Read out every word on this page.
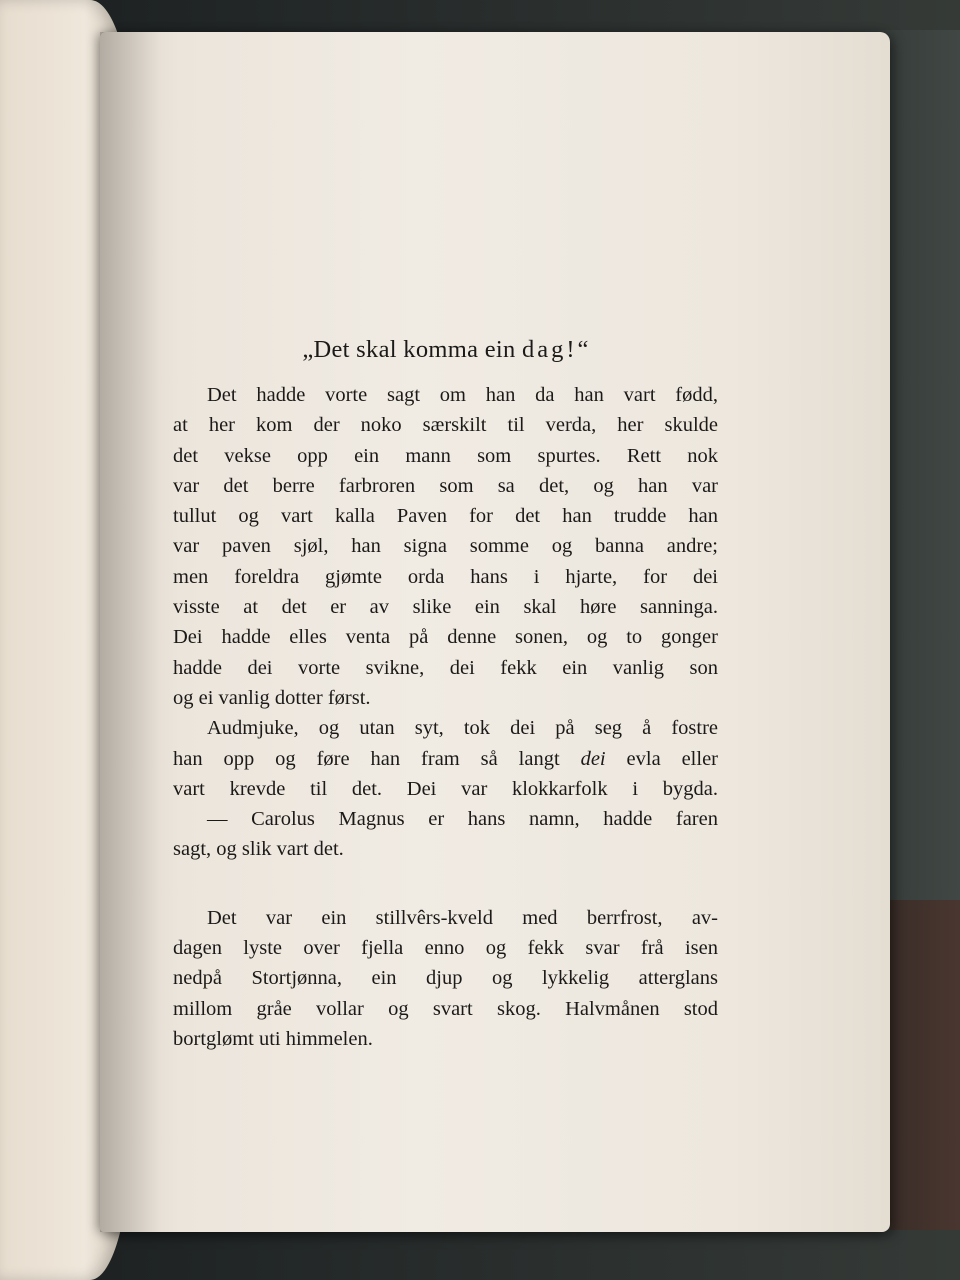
„Det skal komma ein dag!“
Det hadde vorte sagt om han da han vart fødd,
at her kom der noko særskilt til verda, her skulde
det vekse opp ein mann som spurtes. Rett nok
var det berre farbroren som sa det, og han var
tullut og vart kalla Paven for det han trudde han
var paven sjøl, han signa somme og banna andre;
men foreldra gjømte orda hans i hjarte, for dei
visste at det er av slike ein skal høre sanninga.
Dei hadde elles venta på denne sonen, og to gonger
hadde dei vorte svikne, dei fekk ein vanlig son
og ei vanlig dotter først.
Audmjuke, og utan syt, tok dei på seg å fostre
han opp og føre han fram så langt dei evla eller
vart krevde til det. Dei var klokkarfolk i bygda.
— Carolus Magnus er hans namn, hadde faren
sagt, og slik vart det.
Det var ein stillvêrs-kveld med berrfrost, av-
dagen lyste over fjella enno og fekk svar frå isen
nedpå Stortjønna, ein djup og lykkelig atterglans
millom gråe vollar og svart skog. Halvmånen stod
bortglømt uti himmelen.
